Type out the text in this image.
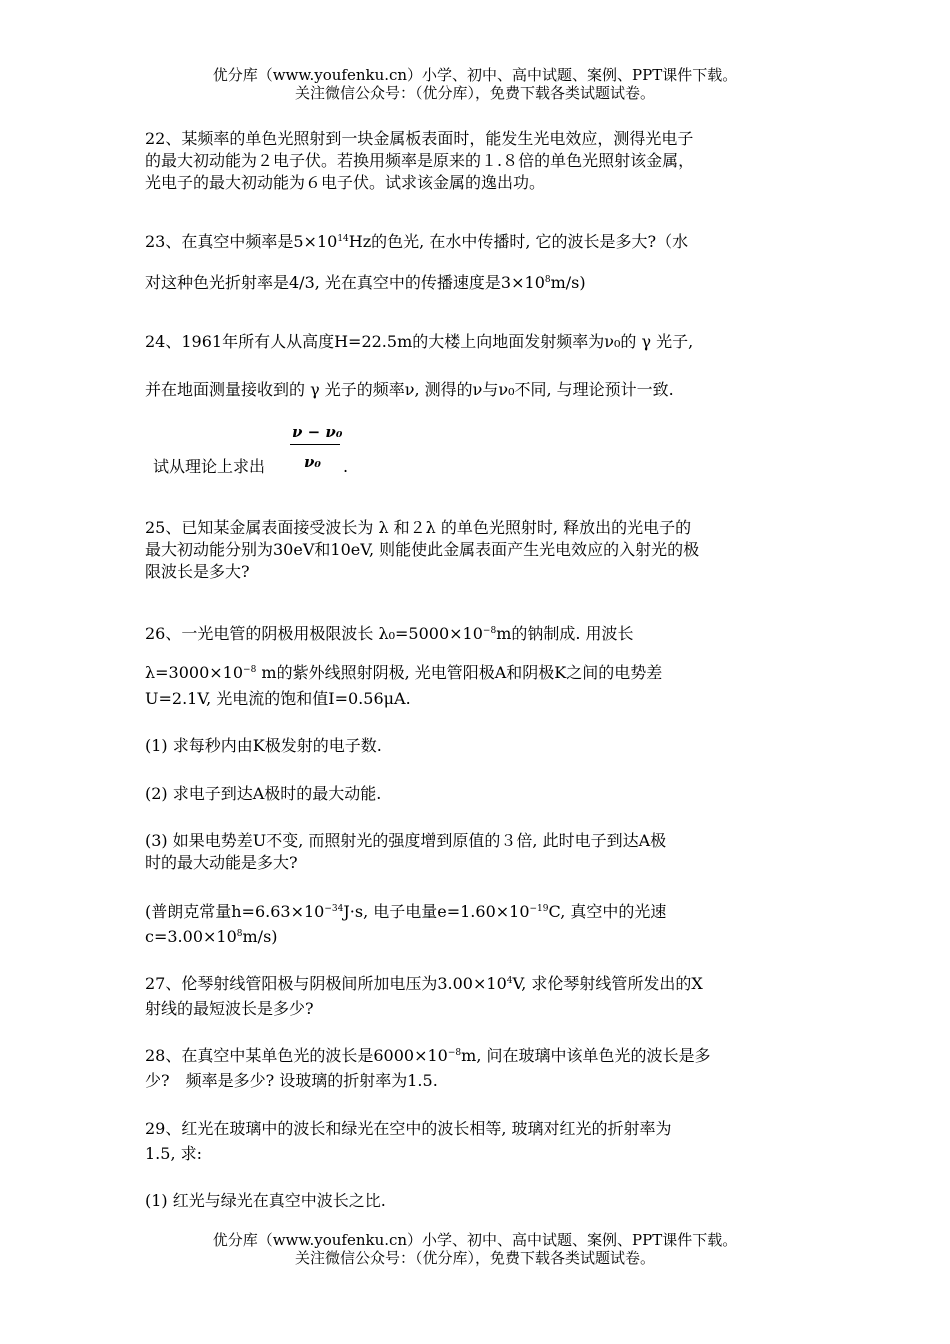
优分库（www.youfenku.cn）小学、初中、高中试题、案例、PPT课件下载。
关注微信公众号：（优分库），免费下载各类试题试卷。
22、某频率的单色光照射到一块金属板表面时，能发生光电效应，测得光电子
的最大初动能为２电子伏。若换用频率是原来的１.８倍的单色光照射该金属，
光电子的最大初动能为６电子伏。试求该金属的逸出功。
23、在真空中频率是$5\times 10^{14}Hz$的色光, 在水中传播时, 它的波长是多大?（水
对这种色光折射率是4/3, 光在真空中的传播速度是$3\times 10^8m/s$)
24、1961年所有人从高度H=22.5m的大楼上向地面发射频率为ν₀的 γ 光子,
并在地面测量接收到的 γ 光子的频率ν, 测得的ν与ν₀不同, 与理论预计一致.
ν − ν₀
ν₀
试从理论上求出	.
25、已知某金属表面接受波长为 λ 和２λ 的单色光照射时, 释放出的光电子的
最大初动能分别为30eV和10eV, 则能使此金属表面产生光电效应的入射光的极
限波长是多大?
26、一光电管的阴极用极限波长 $\lambda_0=5000\times 10^{-8}m$的钠制成. 用波长
$\lambda=3000\times 10^{-8}$ m的紫外线照射阴极, 光电管阳极A和阴极K之间的电势差
U=2.1V, 光电流的饱和值I=0.56μA.
(1) 求每秒内由K极发射的电子数.
(2) 求电子到达A极时的最大动能.
(3) 如果电势差U不变, 而照射光的强度增到原值的３倍, 此时电子到达A极
时的最大动能是多大?
(普朗克常量$h=6.63\times 10^{-34}J\cdot s$, 电子电量$e=1.60\times 10^{-19}C$, 真空中的光速
$c=3.00\times 10^8m/s$)
27、伦琴射线管阳极与阴极间所加电压为$3.00\times 10^4V$, 求伦琴射线管所发出的X
射线的最短波长是多少?
28、在真空中某单色光的波长是$6000\times 10^{-8}m$, 问在玻璃中该单色光的波长是多
少?　频率是多少? 设玻璃的折射率为1.5.
29、红光在玻璃中的波长和绿光在空中的波长相等, 玻璃对红光的折射率为
1.5, 求:
(1) 红光与绿光在真空中波长之比.
优分库（www.youfenku.cn）小学、初中、高中试题、案例、PPT课件下载。
关注微信公众号：（优分库），免费下载各类试题试卷。
